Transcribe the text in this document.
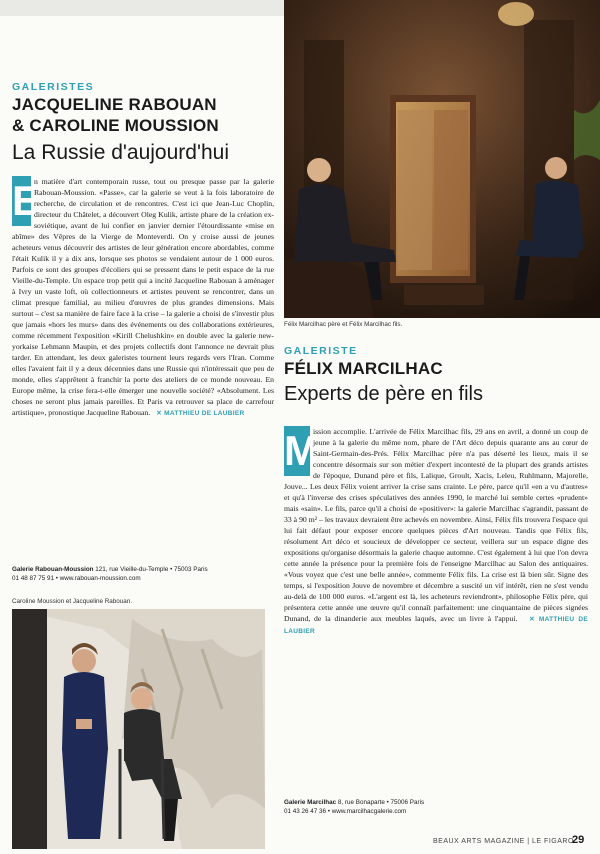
GALERISTES
JACQUELINE RABOUAN
& CAROLINE MOUSSION
La Russie d'aujourd'hui
E
n matière d'art contemporain russe, tout ou presque passe par la galerie Rabouan-Moussion. «Passe», car la galerie se veut à la fois laboratoire de recherche, de circulation et de rencontres. C'est ici que Jean-Luc Choplin, directeur du Châtelet, a découvert Oleg Kulik, artiste phare de la création ex-soviétique, avant de lui confier en janvier dernier l'étourdissante «mise en abîme» des Vêpres de la Vierge de Monteverdi. On y croise aussi de jeunes acheteurs venus découvrir des artistes de leur génération encore abordables, comme l'était Kulik il y a dix ans, lorsque ses photos se vendaient autour de 1 000 euros. Parfois ce sont des groupes d'écoliers qui se pressent dans le petit espace de la rue Vieille-du-Temple. Un espace trop petit qui a incité Jacqueline Rabouan à aménager à Ivry un vaste loft, où collectionneurs et artistes peuvent se rencontrer, dans un climat presque familial, au milieu d'œuvres de plus grandes dimensions. Mais surtout – c'est sa manière de faire face à la crise – la galerie a choisi de s'investir plus que jamais «hors les murs» dans des événements ou des collaborations extérieures, comme récemment l'exposition «Kirill Chelushkin» en double avec la galerie new-yorkaise Lehmann Maupin, et des projets collectifs dont l'annonce ne devrait plus tarder. En attendant, les deux galeristes tournent leurs regards vers l'Iran. Comme elles l'avaient fait il y a deux décennies dans une Russie qui n'intéressait que peu de monde, elles s'apprêtent à franchir la porte des ateliers de ce monde nouveau. En Europe même, la crise fera-t-elle émerger une nouvelle société? «Absolument. Les choses ne seront plus jamais pareilles. Et Paris va retrouver sa place de carrefour artistique», pronostique Jacqueline Rabouan. ✕ MATTHIEU DE LAUBIER
Galerie Rabouan-Moussion 121, rue Vieille-du-Temple • 75003 Paris
01 48 87 75 91 • www.rabouan-moussion.com
Caroline Moussion et Jacqueline Rabouan.
Félix Marcilhac père et Félix Marcilhac fils.
GALERISTE
FÉLIX MARCILHAC
Experts de père en fils
M
ission accomplie. L'arrivée de Félix Marcilhac fils, 29 ans en avril, a donné un coup de jeune à la galerie du même nom, phare de l'Art déco depuis quarante ans au cœur de Saint-Germain-des-Prés. Félix Marcilhac père n'a pas déserté les lieux, mais il se concentre désormais sur son métier d'expert incontesté de la plupart des grands artistes de l'époque, Dunand père et fils, Lalique, Groult, Xacis, Leleu, Ruhlmann, Majorelle, Jouve... Les deux Félix voient arriver la crise sans crainte. Le père, parce qu'il «en a vu d'autres» et qu'à l'inverse des crises spéculatives des années 1990, le marché lui semble certes «prudent» mais «sain». Le fils, parce qu'il a choisi de «positiver»: la galerie Marcilhac s'agrandit, passant de 33 à 90 m² – les travaux devraient être achevés en novembre. Ainsi, Félix fils trouvera l'espace qui lui fait défaut pour exposer encore quelques pièces d'Art nouveau. Tandis que Félix fils, résolument Art déco et soucieux de développer ce secteur, veillera sur un espace digne des expositions qu'organise désormais la galerie chaque automne. C'est également à lui que l'on devra cette année la présence pour la première fois de l'enseigne Marcilhac au Salon des antiquaires. «Vous voyez que c'est une belle année», commente Félix fils. La crise est là bien sûr. Signe des temps, si l'exposition Jouve de novembre et décembre a suscité un vif intérêt, rien ne s'est vendu au-delà de 100 000 euros. «L'argent est là, les acheteurs reviendront», philosophe Félix père, qui présentera cette année une œuvre qu'il connaît parfaitement: une cinquantaine de pièces signées Dunand, de la dinanderie aux meubles laqués, avec un livre à l'appui. ✕ MATTHIEU DE LAUBIER
Galerie Marcilhac 8, rue Bonaparte • 75006 Paris
01 43 26 47 36 • www.marcilhacgalerie.com
BEAUX ARTS MAGAZINE | LE FIGARO
29
